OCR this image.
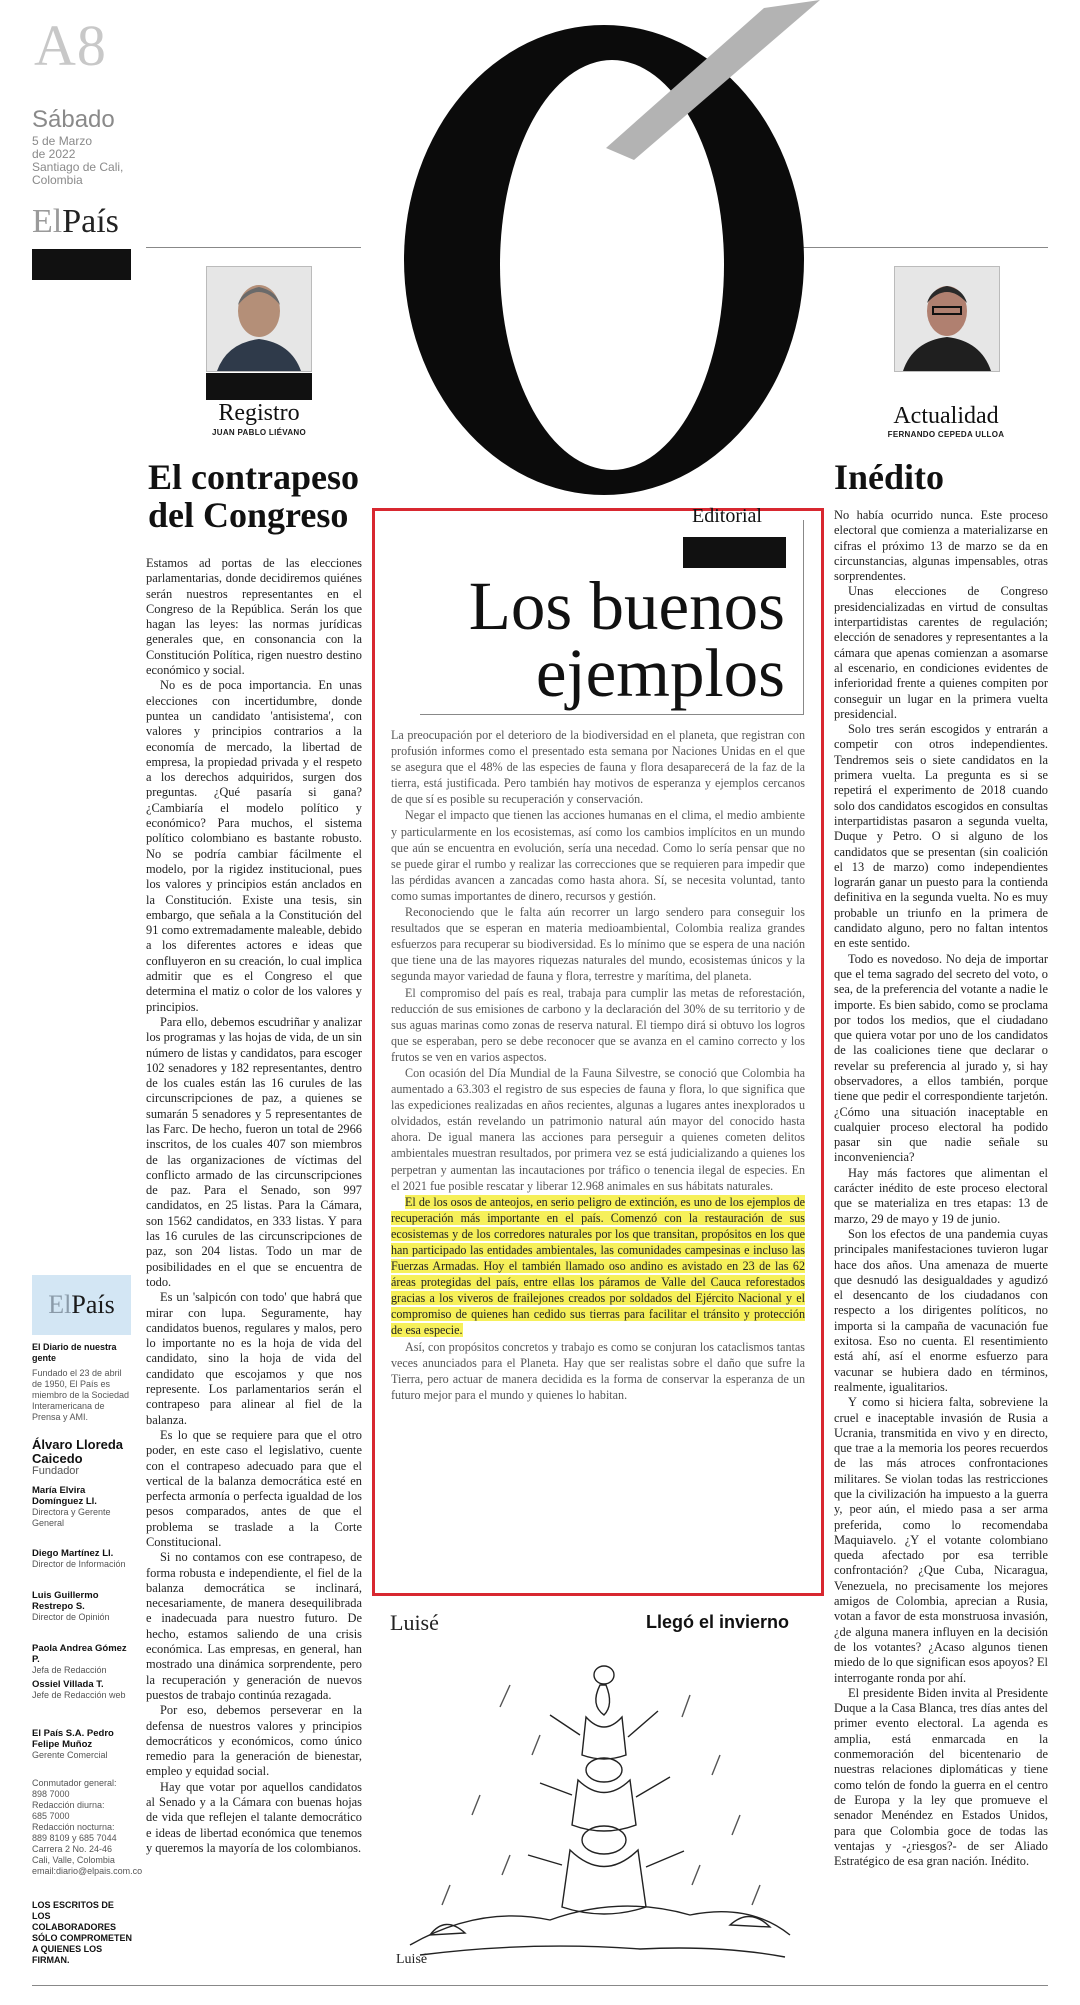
A8
Sábado
5 de Marzo
de 2022
Santiago de Cali,
Colombia
ElPaís
Registro
JUAN PABLO LIÉVANO
Actualidad
FERNANDO CEPEDA ULLOA
El contrapeso
del Congreso

Estamos ad portas de las elecciones parlamentarias, donde decidiremos quiénes serán nuestros representantes en el Congreso de la República. Serán los que hagan las leyes: las normas jurídicas generales que, en consonancia con la Constitución Política, rigen nuestro destino económico y social.

No es de poca importancia. En unas elecciones con incertidumbre, donde puntea un candidato 'antisistema', con valores y principios contrarios a la economía de mercado, la libertad de empresa, la propiedad privada y el respeto a los derechos adquiridos, surgen dos preguntas. ¿Qué pasaría si gana? ¿Cambiaría el modelo político y económico? Para muchos, el sistema político colombiano es bastante robusto. No se podría cambiar fácilmente el modelo, por la rigidez institucional, pues los valores y principios están anclados en la Constitución. Existe una tesis, sin embargo, que señala a la Constitución del 91 como extremadamente maleable, debido a los diferentes actores e ideas que confluyeron en su creación, lo cual implica admitir que es el Congreso el que determina el matiz o color de los valores y principios.

Para ello, debemos escudriñar y analizar los programas y las hojas de vida, de un sin número de listas y candidatos, para escoger 102 senadores y 182 representantes, dentro de los cuales están las 16 curules de las circunscripciones de paz, a quienes se sumarán 5 senadores y 5 representantes de las Farc. De hecho, fueron un total de 2966 inscritos, de los cuales 407 son miembros de las organizaciones de víctimas del conflicto armado de las circunscripciones de paz. Para el Senado, son 997 candidatos, en 25 listas. Para la Cámara, son 1562 candidatos, en 333 listas. Y para las 16 curules de las circunscripciones de paz, son 204 listas. Todo un mar de posibilidades en el que se encuentra de todo.

Es un 'salpicón con todo' que habrá que mirar con lupa. Seguramente, hay candidatos buenos, regulares y malos, pero lo importante no es la hoja de vida del candidato, sino la hoja de vida del candidato que escojamos y que nos represente. Los parlamentarios serán el contrapeso para alinear al fiel de la balanza.

Es lo que se requiere para que el otro poder, en este caso el legislativo, cuente con el contrapeso adecuado para que el vertical de la balanza democrática esté en perfecta armonía o perfecta igualdad de los pesos comparados, antes de que el problema se traslade a la Corte Constitucional.

Si no contamos con ese contrapeso, de forma robusta e independiente, el fiel de la balanza democrática se inclinará, necesariamente, de manera desequilibrada e inadecuada para nuestro futuro. De hecho, estamos saliendo de una crisis económica. Las empresas, en general, han mostrado una dinámica sorprendente, pero la recuperación y generación de nuevos puestos de trabajo continúa rezagada.

Por eso, debemos perseverar en la defensa de nuestros valores y principios democráticos y económicos, como único remedio para la generación de bienestar, empleo y equidad social.

Hay que votar por aquellos candidatos al Senado y a la Cámara con buenas hojas de vida que reflejen el talante democrático e ideas de libertad económica que tenemos y queremos la mayoría de los colombianos.

Editorial
Los buenos
ejemplos

La preocupación por el deterioro de la biodiversidad en el planeta, que registran con profusión informes como el presentado esta semana por Naciones Unidas en el que se asegura que el 48% de las especies de fauna y flora desaparecerá de la faz de la tierra, está justificada. Pero también hay motivos de esperanza y ejemplos cercanos de que sí es posible su recuperación y conservación.

Negar el impacto que tienen las acciones humanas en el clima, el medio ambiente y particularmente en los ecosistemas, así como los cambios implícitos en un mundo que aún se encuentra en evolución, sería una necedad. Como lo sería pensar que no se puede girar el rumbo y realizar las correcciones que se requieren para impedir que las pérdidas avancen a zancadas como hasta ahora. Sí, se necesita voluntad, tanto como sumas importantes de dinero, recursos y gestión.

Reconociendo que le falta aún recorrer un largo sendero para conseguir los resultados que se esperan en materia medioambiental, Colombia realiza grandes esfuerzos para recuperar su biodiversidad. Es lo mínimo que se espera de una nación que tiene una de las mayores riquezas naturales del mundo, ecosistemas únicos y la segunda mayor variedad de fauna y flora, terrestre y marítima, del planeta.

El compromiso del país es real, trabaja para cumplir las metas de reforestación, reducción de sus emisiones de carbono y la declaración del 30% de su territorio y de sus aguas marinas como zonas de reserva natural. El tiempo dirá si obtuvo los logros que se esperaban, pero se debe reconocer que se avanza en el camino correcto y los frutos se ven en varios aspectos.

Con ocasión del Día Mundial de la Fauna Silvestre, se conoció que Colombia ha aumentado a 63.303 el registro de sus especies de fauna y flora, lo que significa que las expediciones realizadas en años recientes, algunas a lugares antes inexplorados u olvidados, están revelando un patrimonio natural aún mayor del conocido hasta ahora. De igual manera las acciones para perseguir a quienes cometen delitos ambientales muestran resultados, por primera vez se está judicializando a quienes los perpetran y aumentan las incautaciones por tráfico o tenencia ilegal de especies. En el 2021 fue posible rescatar y liberar 12.968 animales en sus hábitats naturales.

El de los osos de anteojos, en serio peligro de extinción, es uno de los ejemplos de recuperación más importante en el país. Comenzó con la restauración de sus ecosistemas y de los corredores naturales por los que transitan, propósitos en los que han participado las entidades ambientales, las comunidades campesinas e incluso las Fuerzas Armadas. Hoy el también llamado oso andino es avistado en 23 de las 62 áreas protegidas del país, entre ellas los páramos de Valle del Cauca reforestados gracias a los viveros de frailejones creados por soldados del Ejército Nacional y el compromiso de quienes han cedido sus tierras para facilitar el tránsito y protección de esa especie.

Así, con propósitos concretos y trabajo es como se conjuran los cataclismos tantas veces anunciados para el Planeta. Hay que ser realistas sobre el daño que sufre la Tierra, pero actuar de manera decidida es la forma de conservar la esperanza de un futuro mejor para el mundo y quienes lo habitan.

Luisé	Llegó el invierno
Luisé
Inédito

No había ocurrido nunca. Este proceso electoral que comienza a materializarse en cifras el próximo 13 de marzo se da en circunstancias, algunas impensables, otras sorprendentes.

Unas elecciones de Congreso presidencializadas en virtud de consultas interpartidistas carentes de regulación; elección de senadores y representantes a la cámara que apenas comienzan a asomarse al escenario, en condiciones evidentes de inferioridad frente a quienes compiten por conseguir un lugar en la primera vuelta presidencial.

Solo tres serán escogidos y entrarán a competir con otros independientes. Tendremos seis o siete candidatos en la primera vuelta. La pregunta es si se repetirá el experimento de 2018 cuando solo dos candidatos escogidos en consultas interpartidistas pasaron a segunda vuelta, Duque y Petro. O si alguno de los candidatos que se presentan (sin coalición el 13 de marzo) como independientes lograrán ganar un puesto para la contienda definitiva en la segunda vuelta. No es muy probable un triunfo en la primera de candidato alguno, pero no faltan intentos en este sentido.

Todo es novedoso. No deja de importar que el tema sagrado del secreto del voto, o sea, de la preferencia del votante a nadie le importe. Es bien sabido, como se proclama por todos los medios, que el ciudadano que quiera votar por uno de los candidatos de las coaliciones tiene que declarar o revelar su preferencia al jurado y, si hay observadores, a ellos también, porque tiene que pedir el correspondiente tarjetón. ¿Cómo una situación inaceptable en cualquier proceso electoral ha podido pasar sin que nadie señale su inconveniencia?

Hay más factores que alimentan el carácter inédito de este proceso electoral que se materializa en tres etapas: 13 de marzo, 29 de mayo y 19 de junio.

Son los efectos de una pandemia cuyas principales manifestaciones tuvieron lugar hace dos años. Una amenaza de muerte que desnudó las desigualdades y agudizó el desencanto de los ciudadanos con respecto a los dirigentes políticos, no importa si la campaña de vacunación fue exitosa. Eso no cuenta. El resentimiento está ahí, así el enorme esfuerzo para vacunar se hubiera dado en términos, realmente, igualitarios.

Y como si hiciera falta, sobreviene la cruel e inaceptable invasión de Rusia a Ucrania, transmitida en vivo y en directo, que trae a la memoria los peores recuerdos de las más atroces confrontaciones militares. Se violan todas las restricciones que la civilización ha impuesto a la guerra y, peor aún, el miedo pasa a ser arma preferida, como lo recomendaba Maquiavelo. ¿Y el votante colombiano queda afectado por esa terrible confrontación? ¿Que Cuba, Nicaragua, Venezuela, no precisamente los mejores amigos de Colombia, aprecian a Rusia, votan a favor de esta monstruosa invasión, ¿de alguna manera influyen en la decisión de los votantes? ¿Acaso algunos tienen miedo de lo que significan esos apoyos? El interrogante ronda por ahí.

El presidente Biden invita al Presidente Duque a la Casa Blanca, tres días antes del primer evento electoral. La agenda es amplia, está enmarcada en la conmemoración del bicentenario de nuestras relaciones diplomáticas y tiene como telón de fondo la guerra en el centro de Europa y la ley que promueve el senador Menéndez en Estados Unidos, para que Colombia goce de todas las ventajas y -¿riesgos?- de ser Aliado Estratégico de esa gran nación. Inédito.

El País
El Diario de nuestra gente
Fundado el 23 de abril de 1950, El País es miembro de la Sociedad Interamericana de Prensa y AMI.
Álvaro Lloreda Caicedo
Fundador
María Elvira Domínguez Ll.
Directora y Gerente General
Diego Martínez Ll.
Director de Información
Luis Guillermo Restrepo S.
Director de Opinión
Paola Andrea Gómez P.
Jefa de Redacción
Ossiel Villada T.
Jefe de Redacción web
El País S.A. Pedro Felipe Muñoz
Gerente Comercial
Conmutador general:
898 7000
Redacción diurna:
685 7000
Redacción nocturna:
889 8109 y 685 7044
Carrera 2 No. 24-46
Cali, Valle, Colombia
email:diario@elpais.com.co
LOS ESCRITOS DE LOS COLABORADORES SÓLO COMPROMETEN A QUIENES LOS FIRMAN.
